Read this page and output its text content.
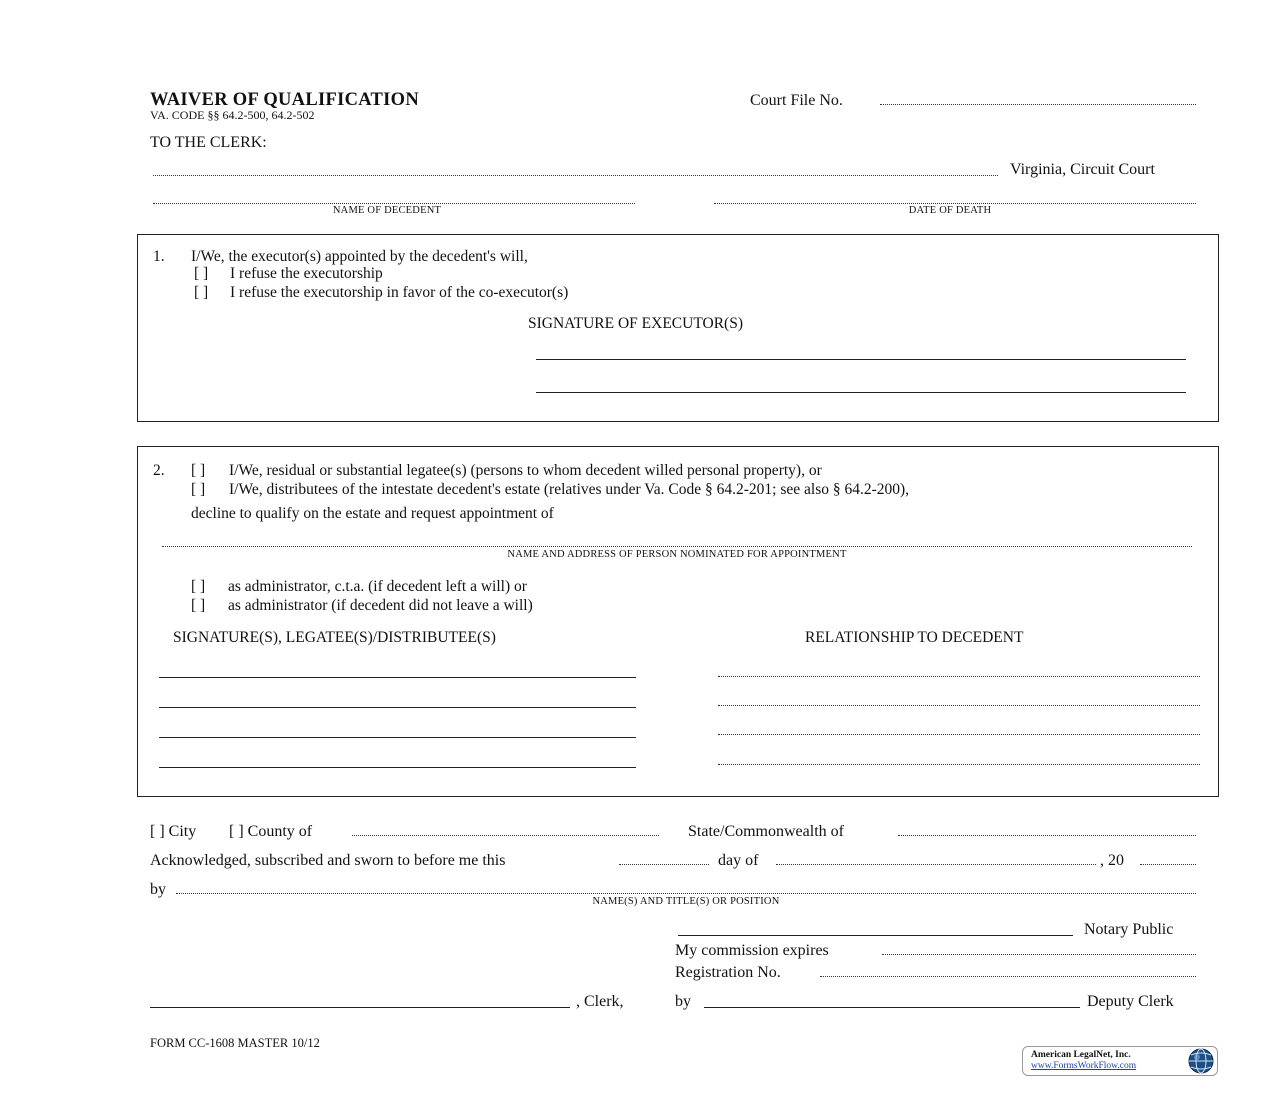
WAIVER OF QUALIFICATION
VA. CODE §§ 64.2-500, 64.2-502
Court File No.
TO THE CLERK:
Virginia, Circuit Court
NAME OF DECEDENT	DATE OF DEATH
1. I/We, the executor(s) appointed by the decedent's will,
[ ] I refuse the executorship
[ ] I refuse the executorship in favor of the co-executor(s)
SIGNATURE OF EXECUTOR(S)
2. [ ] I/We, residual or substantial legatee(s) (persons to whom decedent willed personal property), or
[ ] I/We, distributees of the intestate decedent's estate (relatives under Va. Code § 64.2-201; see also § 64.2-200),
decline to qualify on the estate and request appointment of
NAME AND ADDRESS OF PERSON NOMINATED FOR APPOINTMENT
[ ] as administrator, c.t.a. (if decedent left a will) or
[ ] as administrator (if decedent did not leave a will)
SIGNATURE(S), LEGATEE(S)/DISTRIBUTEE(S)	RELATIONSHIP TO DECEDENT
[ ] City [ ] County of	State/Commonwealth of
Acknowledged, subscribed and sworn to before me this	day of	, 20
by
NAME(S) AND TITLE(S) OR POSITION
Notary Public
My commission expires
Registration No.
, Clerk,	by	Deputy Clerk
FORM CC-1608 MASTER 10/12
American LegalNet, Inc.
www.FormsWorkFlow.com
